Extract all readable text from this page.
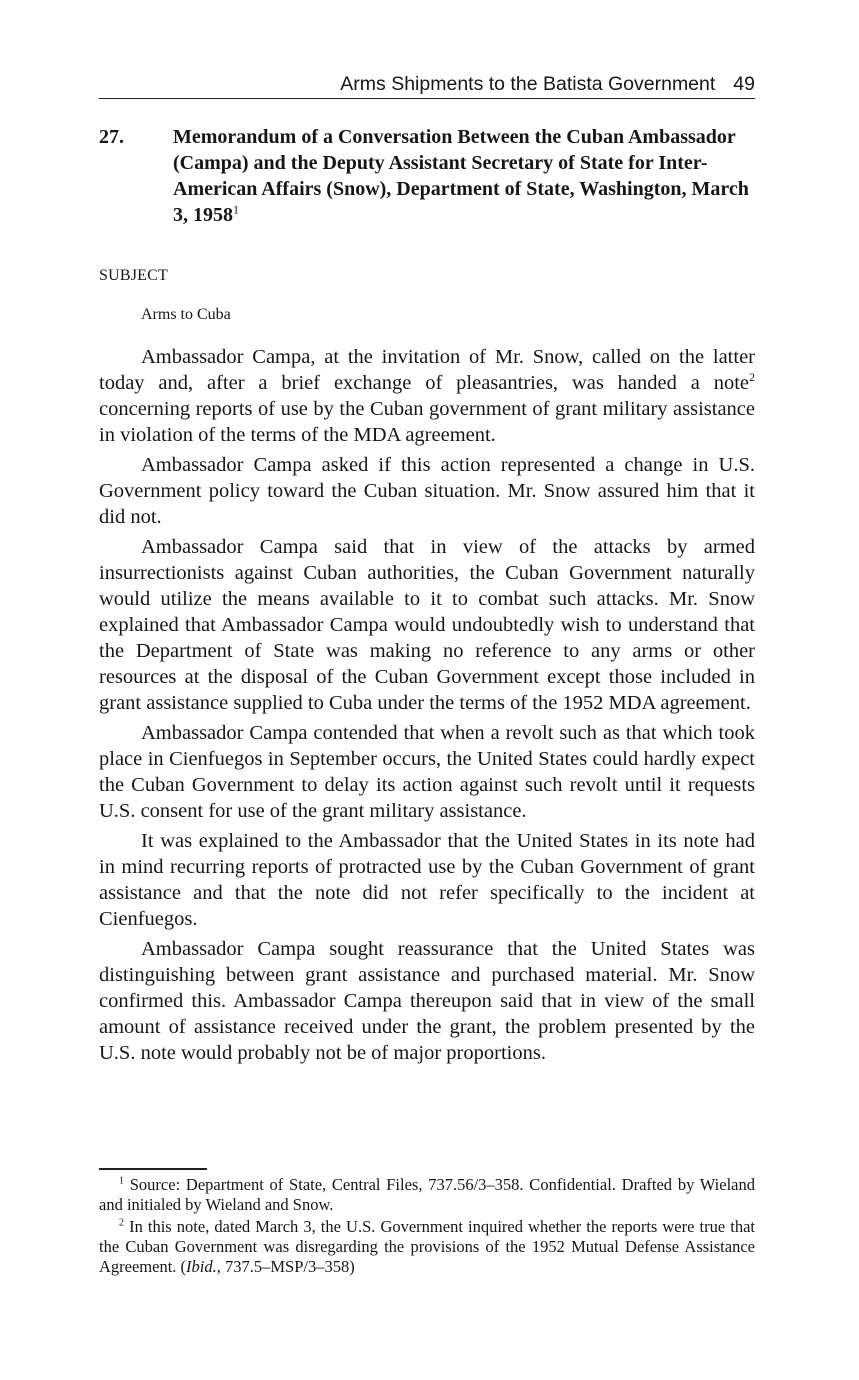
Arms Shipments to the Batista Government 49
27. Memorandum of a Conversation Between the Cuban Ambassador (Campa) and the Deputy Assistant Secretary of State for Inter-American Affairs (Snow), Department of State, Washington, March 3, 1958$^1$
SUBJECT
Arms to Cuba

Ambassador Campa, at the invitation of Mr. Snow, called on the latter today and, after a brief exchange of pleasantries, was handed a note$^2$ concerning reports of use by the Cuban government of grant military assistance in violation of the terms of the MDA agreement.

Ambassador Campa asked if this action represented a change in U.S. Government policy toward the Cuban situation. Mr. Snow assured him that it did not.

Ambassador Campa said that in view of the attacks by armed insurrectionists against Cuban authorities, the Cuban Government naturally would utilize the means available to it to combat such attacks. Mr. Snow explained that Ambassador Campa would undoubtedly wish to understand that the Department of State was making no reference to any arms or other resources at the disposal of the Cuban Government except those included in grant assistance supplied to Cuba under the terms of the 1952 MDA agreement.

Ambassador Campa contended that when a revolt such as that which took place in Cienfuegos in September occurs, the United States could hardly expect the Cuban Government to delay its action against such revolt until it requests U.S. consent for use of the grant military assistance.

It was explained to the Ambassador that the United States in its note had in mind recurring reports of protracted use by the Cuban Government of grant assistance and that the note did not refer specifically to the incident at Cienfuegos.

Ambassador Campa sought reassurance that the United States was distinguishing between grant assistance and purchased material. Mr. Snow confirmed this. Ambassador Campa thereupon said that in view of the small amount of assistance received under the grant, the problem presented by the U.S. note would probably not be of major proportions.

$^1$ Source: Department of State, Central Files, 737.56/3–358. Confidential. Drafted by Wieland and initialed by Wieland and Snow.

$^2$ In this note, dated March 3, the U.S. Government inquired whether the reports were true that the Cuban Government was disregarding the provisions of the 1952 Mutual Defense Assistance Agreement. (Ibid., 737.5–MSP/3–358)
